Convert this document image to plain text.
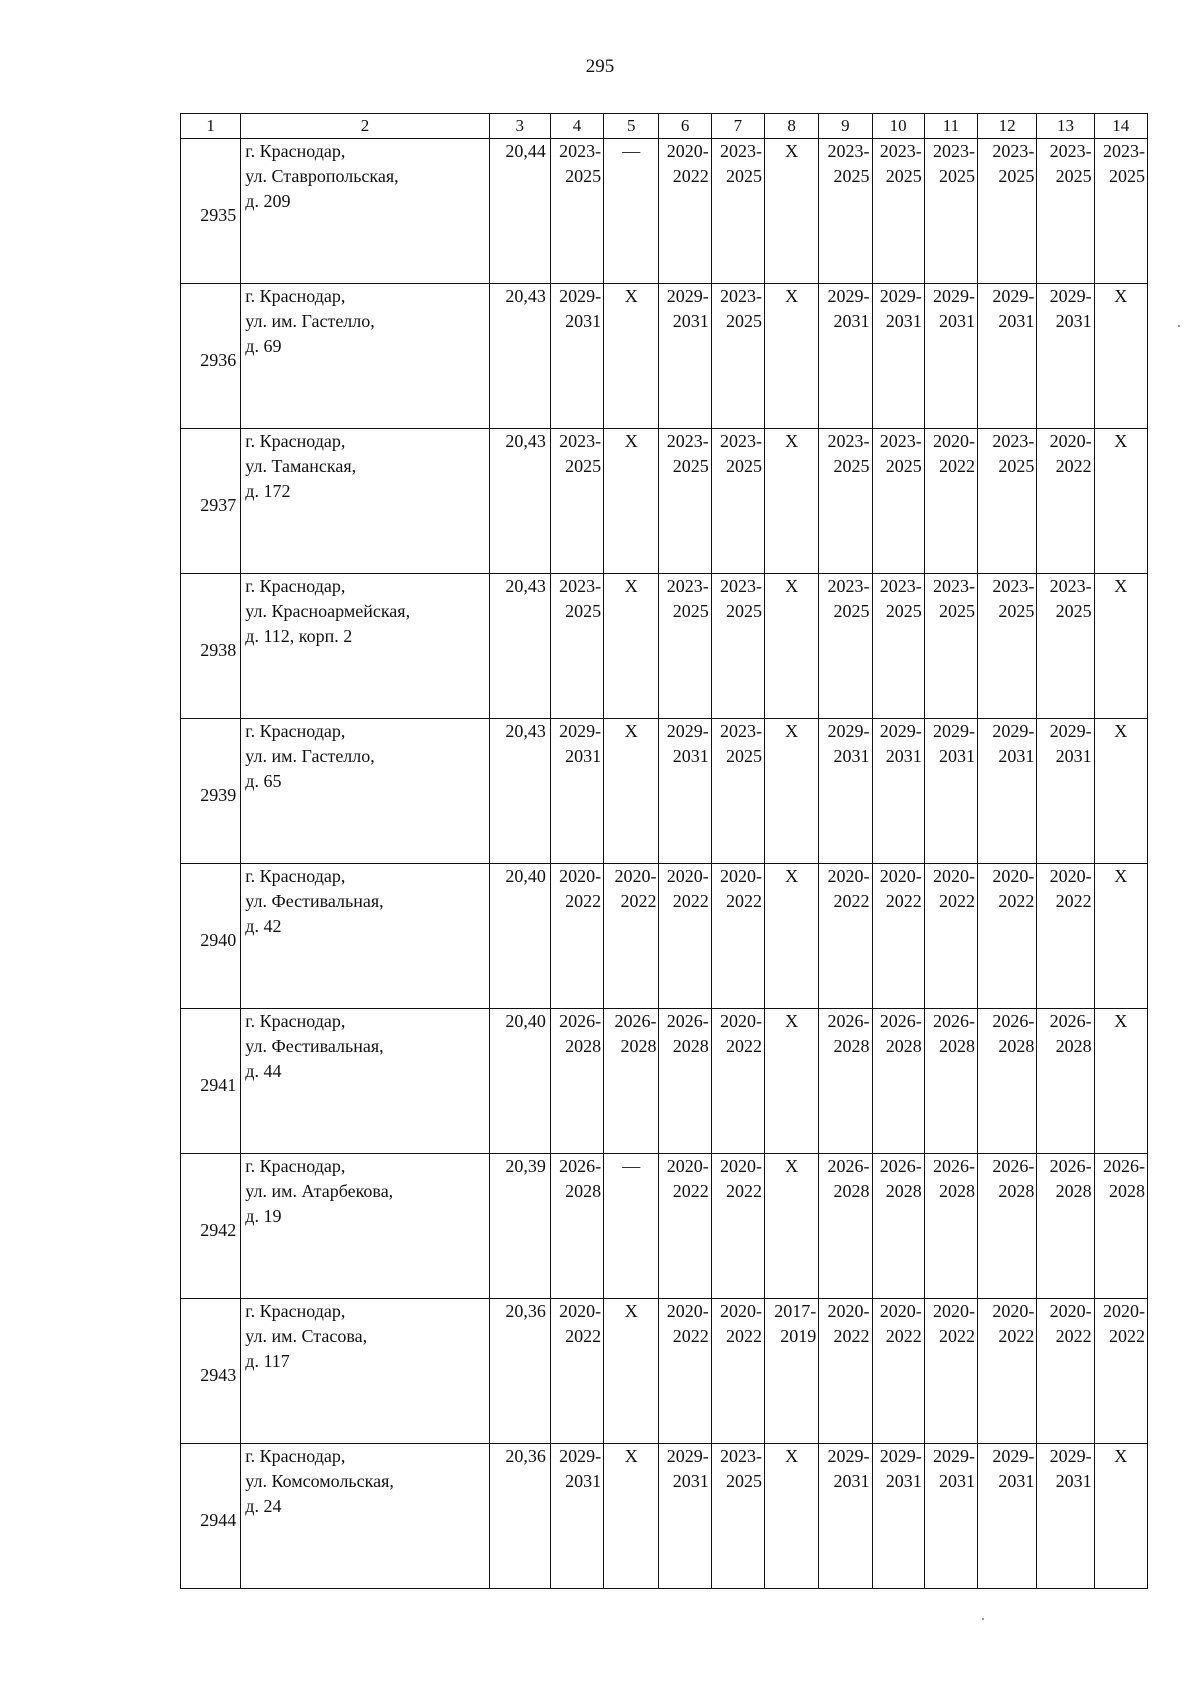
295
1	2	3	4	5	6	7	8	9	10	11	12	13	14
2935	г. Краснодар,
ул. Ставропольская,
д. 209	20,44	2023-
2025	—	2020-
2022	2023-
2025	X	2023-
2025	2023-
2025	2023-
2025	2023-
2025	2023-
2025	2023-
2025

2936	г. Краснодар,
ул. им. Гастелло,
д. 69	20,43	2029-
2031	X	2029-
2031	2023-
2025	X	2029-
2031	2029-
2031	2029-
2031	2029-
2031	2029-
2031	X
2937	г. Краснодар,
ул. Таманская,
д. 172	20,43	2023-
2025	X	2023-
2025	2023-
2025	X	2023-
2025	2023-
2025	2020-
2022	2023-
2025	2020-
2022	X
2938	г. Краснодар,
ул. Красноармейская,
д. 112, корп. 2	20,43	2023-
2025	X	2023-
2025	2023-
2025	X	2023-
2025	2023-
2025	2023-
2025	2023-
2025	2023-
2025	X
2939	г. Краснодар,
ул. им. Гастелло,
д. 65	20,43	2029-
2031	X	2029-
2031	2023-
2025	X	2029-
2031	2029-
2031	2029-
2031	2029-
2031	2029-
2031	X
2940	г. Краснодар,
ул. Фестивальная,
д. 42	20,40	2020-
2022	2020-
2022	2020-
2022	2020-
2022	X	2020-
2022	2020-
2022	2020-
2022	2020-
2022	2020-
2022	X
2941	г. Краснодар,
ул. Фестивальная,
д. 44	20,40	2026-
2028	2026-
2028	2026-
2028	2020-
2022	X	2026-
2028	2026-
2028	2026-
2028	2026-
2028	2026-
2028	X
2942	г. Краснодар,
ул. им. Атарбекова,
д. 19	20,39	2026-
2028	—	2020-
2022	2020-
2022	X	2026-
2028	2026-
2028	2026-
2028	2026-
2028	2026-
2028	2026-
2028

2943	г. Краснодар,
ул. им. Стасова,
д. 117	20,36	2020-
2022	X	2020-
2022	2020-
2022	2017-
2019	2020-
2022	2020-
2022	2020-
2022	2020-
2022	2020-
2022	2020-
2022

2944	г. Краснодар,
ул. Комсомольская,
д. 24	20,36	2029-
2031	X	2029-
2031	2023-
2025	X	2029-
2031	2029-
2031	2029-
2031	2029-
2031	2029-
2031	X
